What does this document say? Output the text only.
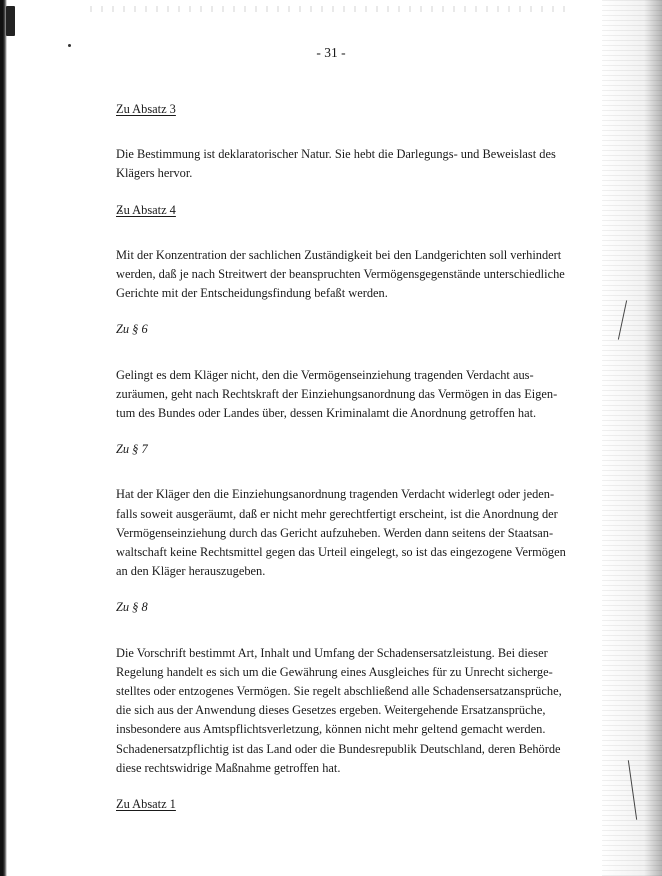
- 31 -
Zu Absatz 3
Die Bestimmung ist deklaratorischer Natur. Sie hebt die Darlegungs- und Beweislast des
Klägers hervor.
Zu Absatz 4
Mit der Konzentration der sachlichen Zuständigkeit bei den Landgerichten soll verhindert
werden, daß je nach Streitwert der beanspruchten Vermögensgegenstände unterschiedliche
Gerichte mit der Entscheidungsfindung befaßt werden.
Zu § 6
Gelingt es dem Kläger nicht, den die Vermögenseinziehung tragenden Verdacht aus-
zuräumen, geht nach Rechtskraft der Einziehungsanordnung das Vermögen in das Eigen-
tum des Bundes oder Landes über, dessen Kriminalamt die Anordnung getroffen hat.
Zu § 7
Hat der Kläger den die Einziehungsanordnung tragenden Verdacht widerlegt oder jeden-
falls soweit ausgeräumt, daß er nicht mehr gerechtfertigt erscheint, ist die Anordnung der
Vermögenseinziehung durch das Gericht aufzuheben. Werden dann seitens der Staatsan-
waltschaft keine Rechtsmittel gegen das Urteil eingelegt, so ist das eingezogene Vermögen
an den Kläger herauszugeben.
Zu § 8
Die Vorschrift bestimmt Art, Inhalt und Umfang der Schadensersatzleistung. Bei dieser
Regelung handelt es sich um die Gewährung eines Ausgleiches für zu Unrecht sicherge-
stelltes oder entzogenes Vermögen. Sie regelt abschließend alle Schadensersatzansprüche,
die sich aus der Anwendung dieses Gesetzes ergeben. Weitergehende Ersatzansprüche,
insbesondere aus Amtspflichtsverletzung, können nicht mehr geltend gemacht werden.
Schadenersatzpflichtig ist das Land oder die Bundesrepublik Deutschland, deren Behörde
diese rechtswidrige Maßnahme getroffen hat.
Zu Absatz 1
